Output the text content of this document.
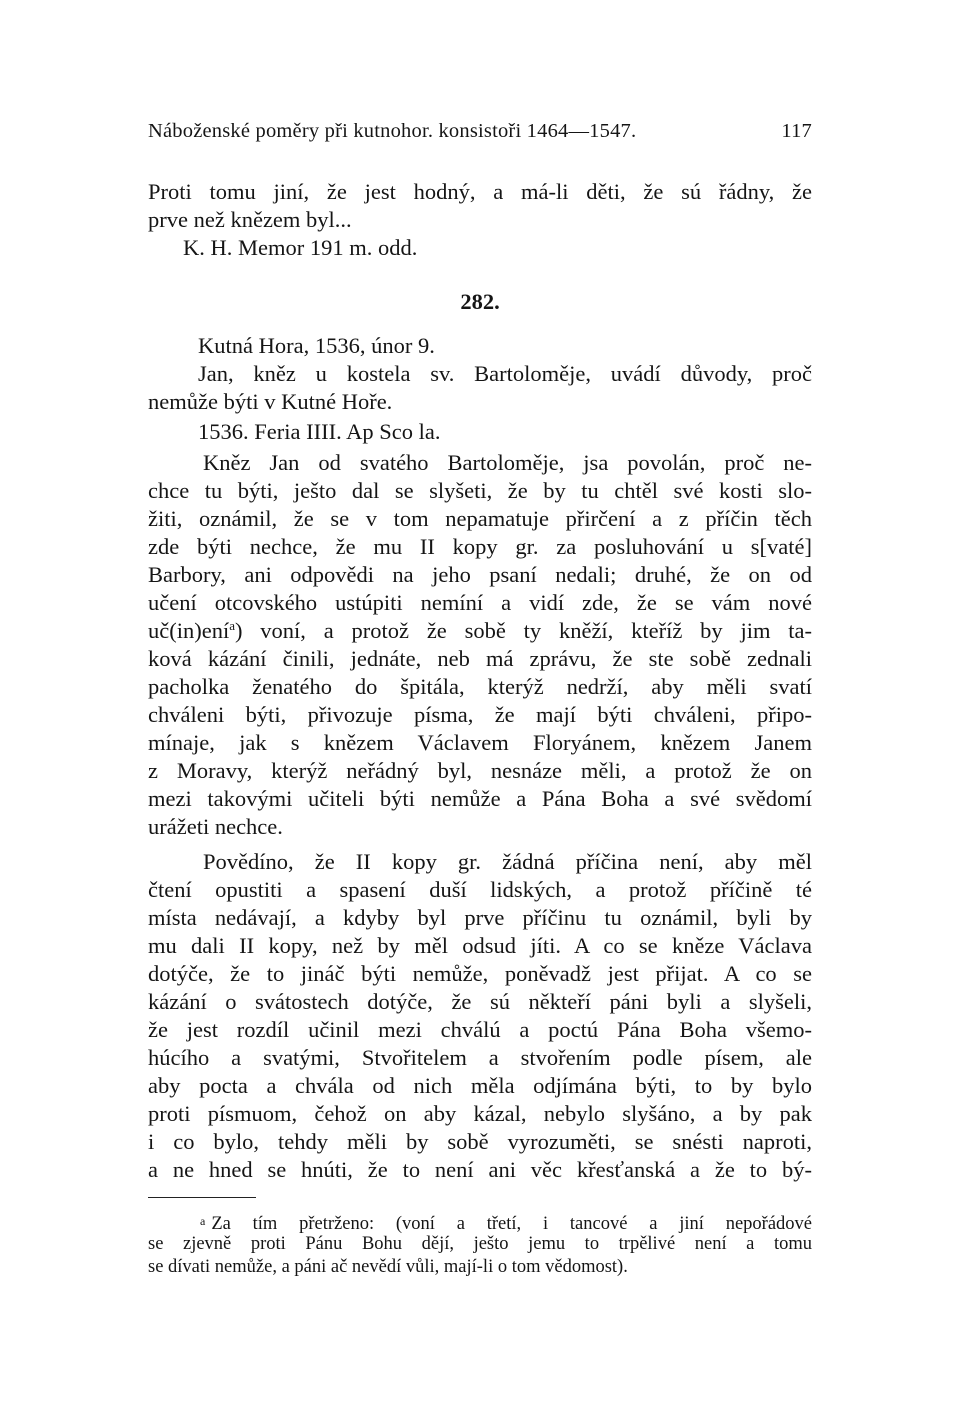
Náboženské poměry při kutnohor. konsistoři 1464—1547.	117
Proti tomu jiní, že jest hodný, a má-li děti, že sú řádny, že
prve než knězem byl...
K. H. Memor 191 m. odd.
282.
Kutná Hora, 1536, únor 9.
Jan, kněz u kostela sv. Bartoloměje, uvádí důvody, proč
nemůže býti v Kutné Hoře.
1536. Feria IIII. Ap Sco la.
Kněz Jan od svatého Bartoloměje, jsa povolán, proč ne-
chce tu býti, ješto dal se slyšeti, že by tu chtěl své kosti slo-
žiti, oznámil, že se v tom nepamatuje přirčení a z příčin těch
zde býti nechce, že mu II kopy gr. za posluhování u s[vaté]
Barbory, ani odpovědi na jeho psaní nedali; druhé, že on od
učení otcovského ustúpiti nemíní a vidí zde, že se vám nové
uč(in)ení$^a$) voní, a protož že sobě ty kněží, kteříž by jim ta-
ková kázání činili, jednáte, neb má zprávu, že ste sobě zednali
pacholka ženatého do špitála, kterýž nedrží, aby měli svatí
chváleni býti, přivozuje písma, že mají býti chváleni, připo-
mínaje, jak s knězem Václavem Floryánem, knězem Janem
z Moravy, kterýž neřádný byl, nesnáze měli, a protož že on
mezi takovými učiteli býti nemůže a Pána Boha a své svědomí
urážeti nechce.
Povědíno, že II kopy gr. žádná příčina není, aby měl
čtení opustiti a spasení duší lidských, a protož příčině té
místa nedávají, a kdyby byl prve příčinu tu oznámil, byli by
mu dali II kopy, než by měl odsud jíti. A co se kněze Václava
dotýče, že to jináč býti nemůže, poněvadž jest přijat. A co se
kázání o svátostech dotýče, že sú někteří páni byli a slyšeli,
že jest rozdíl učinil mezi chválú a poctú Pána Boha všemo-
húcího a svatými, Stvořitelem a stvořením podle písem, ale
aby pocta a chvála od nich měla odjímána býti, to by bylo
proti písmuom, čehož on aby kázal, nebylo slyšáno, a by pak
i co bylo, tehdy měli by sobě vyrozuměti, se snésti naproti,
a ne hned se hnúti, že to není ani věc křesťanská a že to bý-
$^a$ Za tím přetrženo: (voní a třetí, i tancové a jiní nepořádové
se zjevně proti Pánu Bohu dějí, ješto jemu to trpělivé není a tomu
se dívati nemůže, a páni ač nevědí vůli, mají-li o tom vědomost).
